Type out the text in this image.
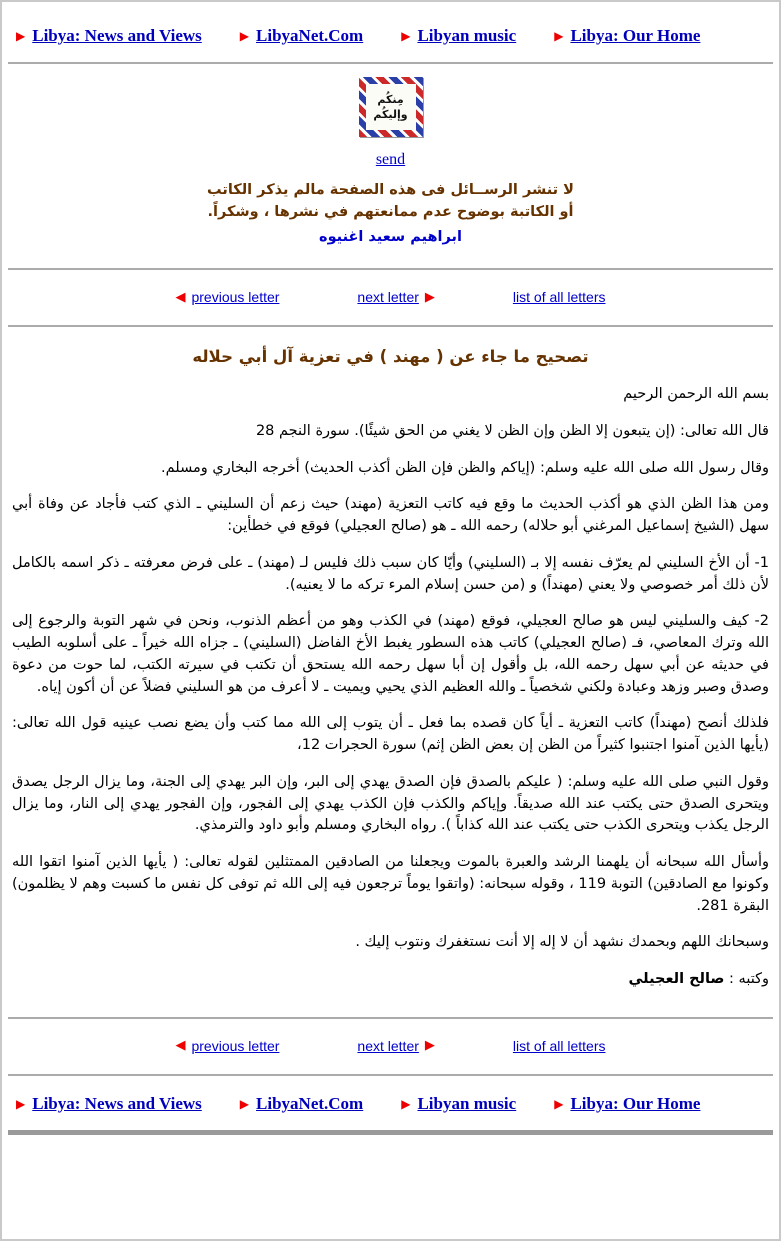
▶ Libya: News and Views	▶ LibyaNet.Com	▶ Libyan music	▶ Libya: Our Home
مِنكُم
وإليكُم
send
لا تنشر الرســائل فى هذه الصفحة مالم يذكر الكاتب
أو الكاتبة بوضوح عدم ممانعتهم في نشرها ، وشكراً.
ابراهيم سعيد اغنيوه
◀ previous letter	next letter ▶	list of all letters
تصحيح ما جاء عن ( مهند ) في تعزية آل أبي حلاله

بسم الله الرحمن الرحيم

قال الله تعالى: (إن يتبعون إلا الظن وإن الظن لا يغني من الحق شيئًا). سورة النجم 28

وقال رسول الله صلى الله عليه وسلم: (إياكم والظن فإن الظن أكذب الحديث) أخرجه البخاري ومسلم.

ومن هذا الظن الذي هو أكذب الحديث ما وقع فيه كاتب التعزية (مهند) حيث زعم أن السليني ـ الذي كتب فأجاد عن وفاة أبي سهل (الشيخ إسماعيل المرغني أبو حلاله) رحمه الله ـ هو (صالح العجيلي) فوقع في خطأين:

1- أن الأخ السليني لم يعرّف نفسه إلا بـ (السليني) وأيّا كان سبب ذلك فليس لـ (مهند) ـ على فرض معرفته ـ ذكر اسمه بالكامل لأن ذلك أمر خصوصي ولا يعني (مهنداً) و (من حسن إسلام المرء تركه ما لا يعنيه).

2- كيف والسليني ليس هو صالح العجيلي، فوقع (مهند) في الكذب وهو من أعظم الذنوب، ونحن في شهر التوبة والرجوع إلى الله وترك المعاصي، فـ (صالح العجيلي) كاتب هذه السطور يغبط الأخ الفاضل (السليني) ـ جزاه الله خيراً ـ على أسلوبه الطيب في حديثه عن أبي سهل رحمه الله، بل وأقول إن أبا سهل رحمه الله يستحق أن تكتب في سيرته الكتب، لما حوت من دعوة وصدق وصبر وزهد وعبادة ولكني شخصياً ـ والله العظيم الذي يحيي ويميت ـ لا أعرف من هو السليني فضلاً عن أن أكون إياه.

فلذلك أنصح (مهنداً) كاتب التعزية ـ أياً كان قصده بما فعل ـ أن يتوب إلى الله مما كتب وأن يضع نصب عينيه قول الله تعالى: (يأيها الذين آمنوا اجتنبوا كثيراً من الظن إن بعض الظن إثم) سورة الحجرات 12،

وقول النبي صلى الله عليه وسلم: ( عليكم بالصدق فإن الصدق يهدي إلى البر، وإن البر يهدي إلى الجنة، وما يزال الرجل يصدق ويتحرى الصدق حتى يكتب عند الله صديقاً. وإياكم والكذب فإن الكذب يهدي إلى الفجور، وإن الفجور يهدي إلى النار، وما يزال الرجل يكذب ويتحرى الكذب حتى يكتب عند الله كذاباً ). رواه البخاري ومسلم وأبو داود والترمذي.

وأسأل الله سبحانه أن يلهمنا الرشد والعبرة بالموت ويجعلنا من الصادقين الممتثلين لقوله تعالى: ( يأيها الذين آمنوا اتقوا الله وكونوا مع الصادقين) التوبة 119 ، وقوله سبحانه: (واتقوا يوماً ترجعون فيه إلى الله ثم توفى كل نفس ما كسبت وهم لا يظلمون) البقرة 281.

وسبحانك اللهم وبحمدك نشهد أن لا إله إلا أنت نستغفرك ونتوب إليك .

وكتبه : صالح العجيلي
◀ previous letter	next letter ▶	list of all letters
▶ Libya: News and Views	▶ LibyaNet.Com	▶ Libyan music	▶ Libya: Our Home
